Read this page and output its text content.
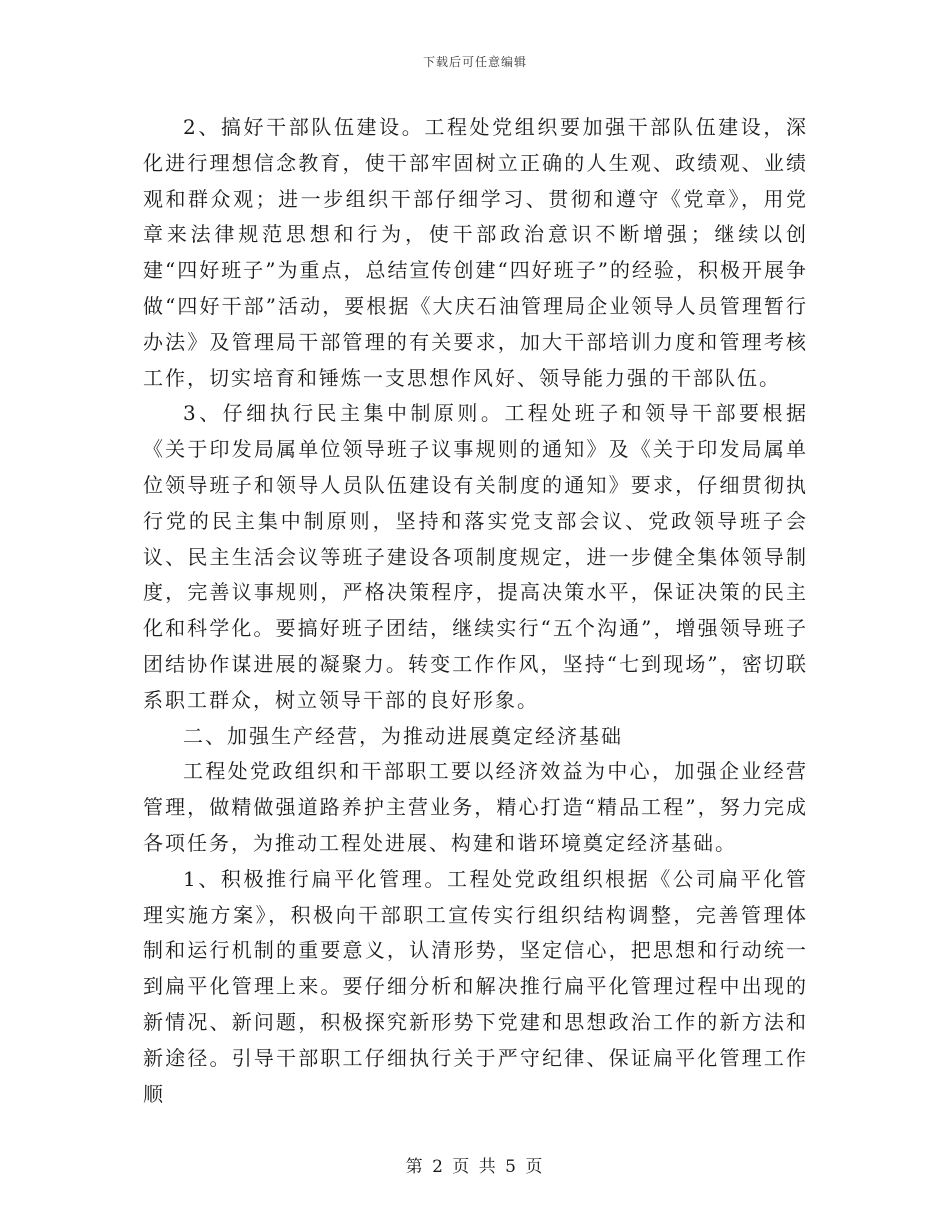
下载后可任意编辑

2、搞好干部队伍建设。工程处党组织要加强干部队伍建设，深化进行理想信念教育，使干部牢固树立正确的人生观、政绩观、业绩观和群众观；进一步组织干部仔细学习、贯彻和遵守《党章》，用党章来法律规范思想和行为，使干部政治意识不断增强；继续以创建“四好班子”为重点，总结宣传创建“四好班子”的经验，积极开展争做“四好干部”活动，要根据《大庆石油管理局企业领导人员管理暂行办法》及管理局干部管理的有关要求，加大干部培训力度和管理考核工作，切实培育和锤炼一支思想作风好、领导能力强的干部队伍。

3、仔细执行民主集中制原则。工程处班子和领导干部要根据《关于印发局属单位领导班子议事规则的通知》及《关于印发局属单位领导班子和领导人员队伍建设有关制度的通知》要求，仔细贯彻执行党的民主集中制原则，坚持和落实党支部会议、党政领导班子会议、民主生活会议等班子建设各项制度规定，进一步健全集体领导制度，完善议事规则，严格决策程序，提高决策水平，保证决策的民主化和科学化。要搞好班子团结，继续实行“五个沟通”，增强领导班子团结协作谋进展的凝聚力。转变工作作风，坚持“七到现场”，密切联系职工群众，树立领导干部的良好形象。

二、加强生产经营，为推动进展奠定经济基础

工程处党政组织和干部职工要以经济效益为中心，加强企业经营管理，做精做强道路养护主营业务，精心打造“精品工程”，努力完成各项任务，为推动工程处进展、构建和谐环境奠定经济基础。

1、积极推行扁平化管理。工程处党政组织根据《公司扁平化管理实施方案》，积极向干部职工宣传实行组织结构调整，完善管理体制和运行机制的重要意义，认清形势，坚定信心，把思想和行动统一到扁平化管理上来。要仔细分析和解决推行扁平化管理过程中出现的新情况、新问题，积极探究新形势下党建和思想政治工作的新方法和新途径。引导干部职工仔细执行关于严守纪律、保证扁平化管理工作顺

第 2 页 共 5 页
